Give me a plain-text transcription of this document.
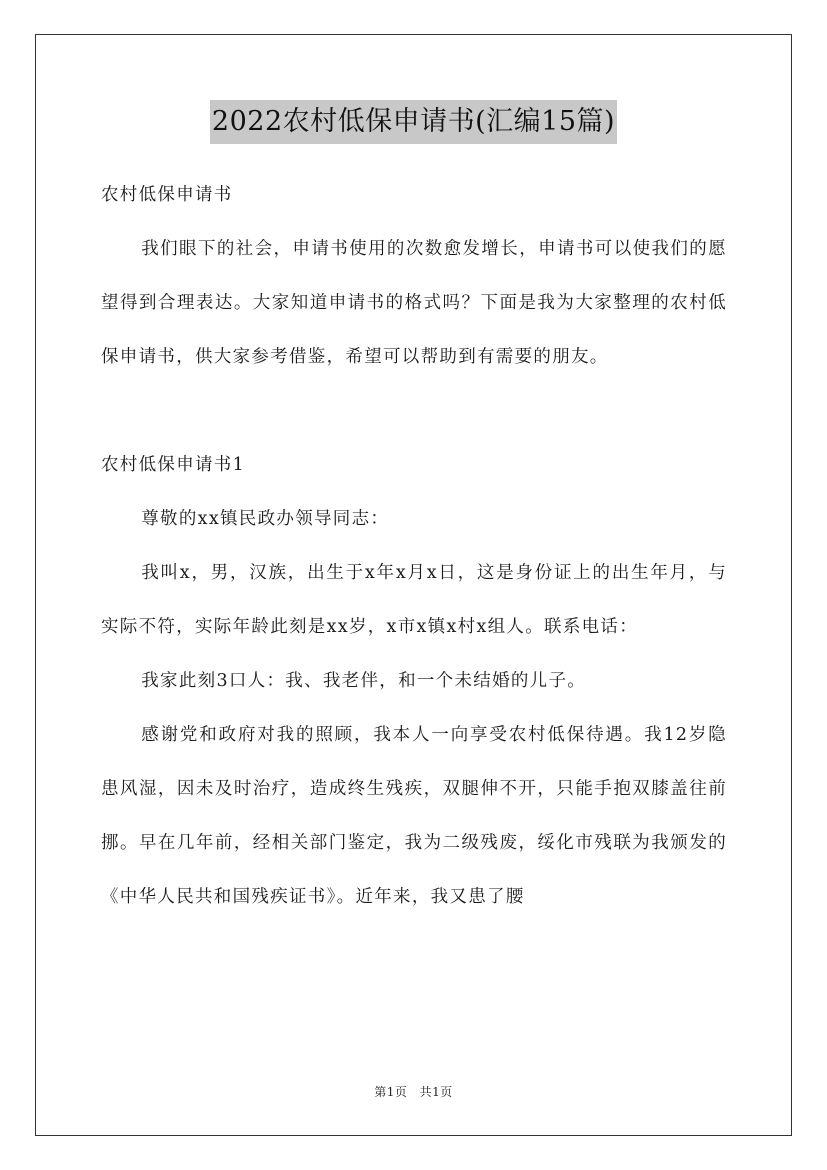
2022农村低保申请书(汇编15篇)

农村低保申请书

我们眼下的社会，申请书使用的次数愈发增长，申请书可以使我们的愿望得到合理表达。大家知道申请书的格式吗？下面是我为大家整理的农村低保申请书，供大家参考借鉴，希望可以帮助到有需要的朋友。

农村低保申请书1

尊敬的xx镇民政办领导同志：

我叫x，男，汉族，出生于x年x月x日，这是身份证上的出生年月，与实际不符，实际年龄此刻是xx岁，x市x镇x村x组人。联系电话：

我家此刻3口人：我、我老伴，和一个未结婚的儿子。

感谢党和政府对我的照顾，我本人一向享受农村低保待遇。我12岁隐患风湿，因未及时治疗，造成终生残疾，双腿伸不开，只能手抱双膝盖往前挪。早在几年前，经相关部门鉴定，我为二级残废，绥化市残联为我颁发的《中华人民共和国残疾证书》。近年来，我又患了腰

第1页 共1页
